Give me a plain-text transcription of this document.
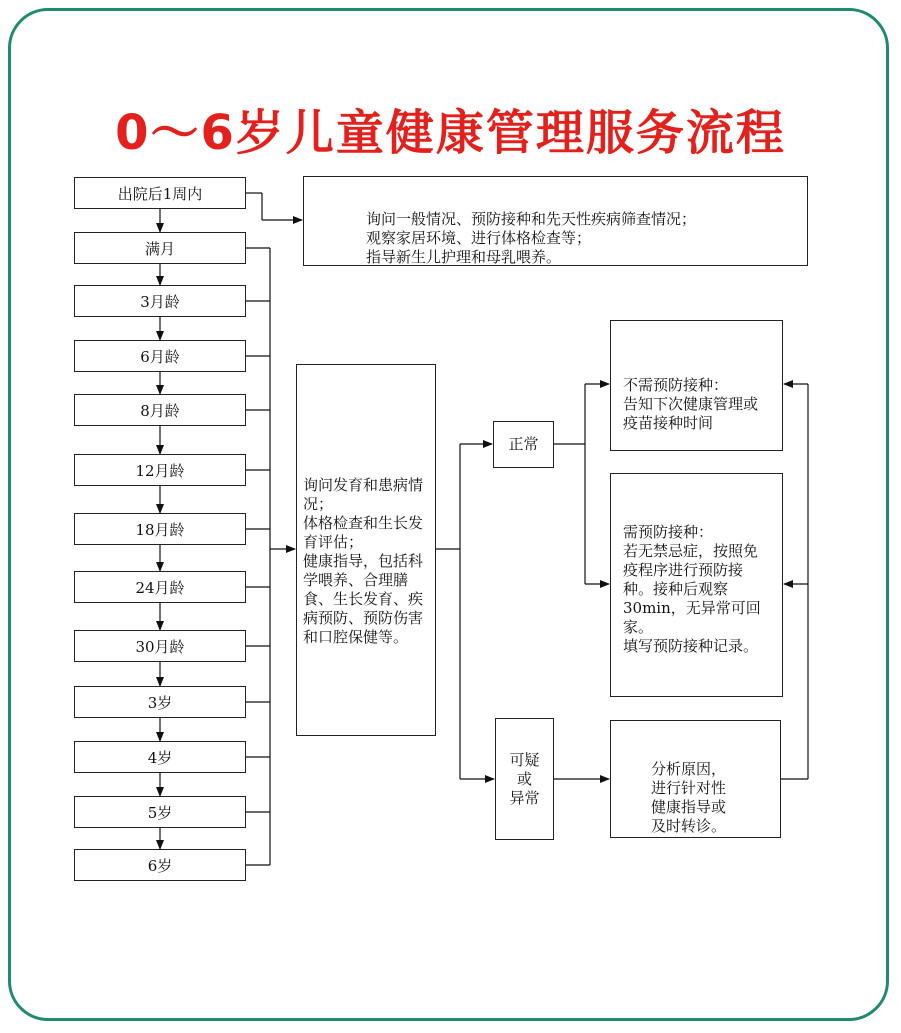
0～6岁儿童健康管理服务流程
出院后1周内
满月
3月龄
6月龄
8月龄
12月龄
18月龄
24月龄
30月龄
3岁
4岁
5岁
6岁

询问一般情况、预防接种和先天性疾病筛查情况；
观察家居环境、进行体格检查等；
指导新生儿护理和母乳喂养。

询问发育和患病情况；
体格检查和生长发育评估；
健康指导，包括科学喂养、合理膳食、生长发育、疾病预防、预防伤害和口腔保健等。

正常
可疑
或
异常

不需预防接种：
告知下次健康管理或疫苗接种时间

需预防接种：
若无禁忌症，按照免疫程序进行预防接种。接种后观察30min，无异常可回家。
填写预防接种记录。

分析原因，
进行针对性
健康指导或
及时转诊。
